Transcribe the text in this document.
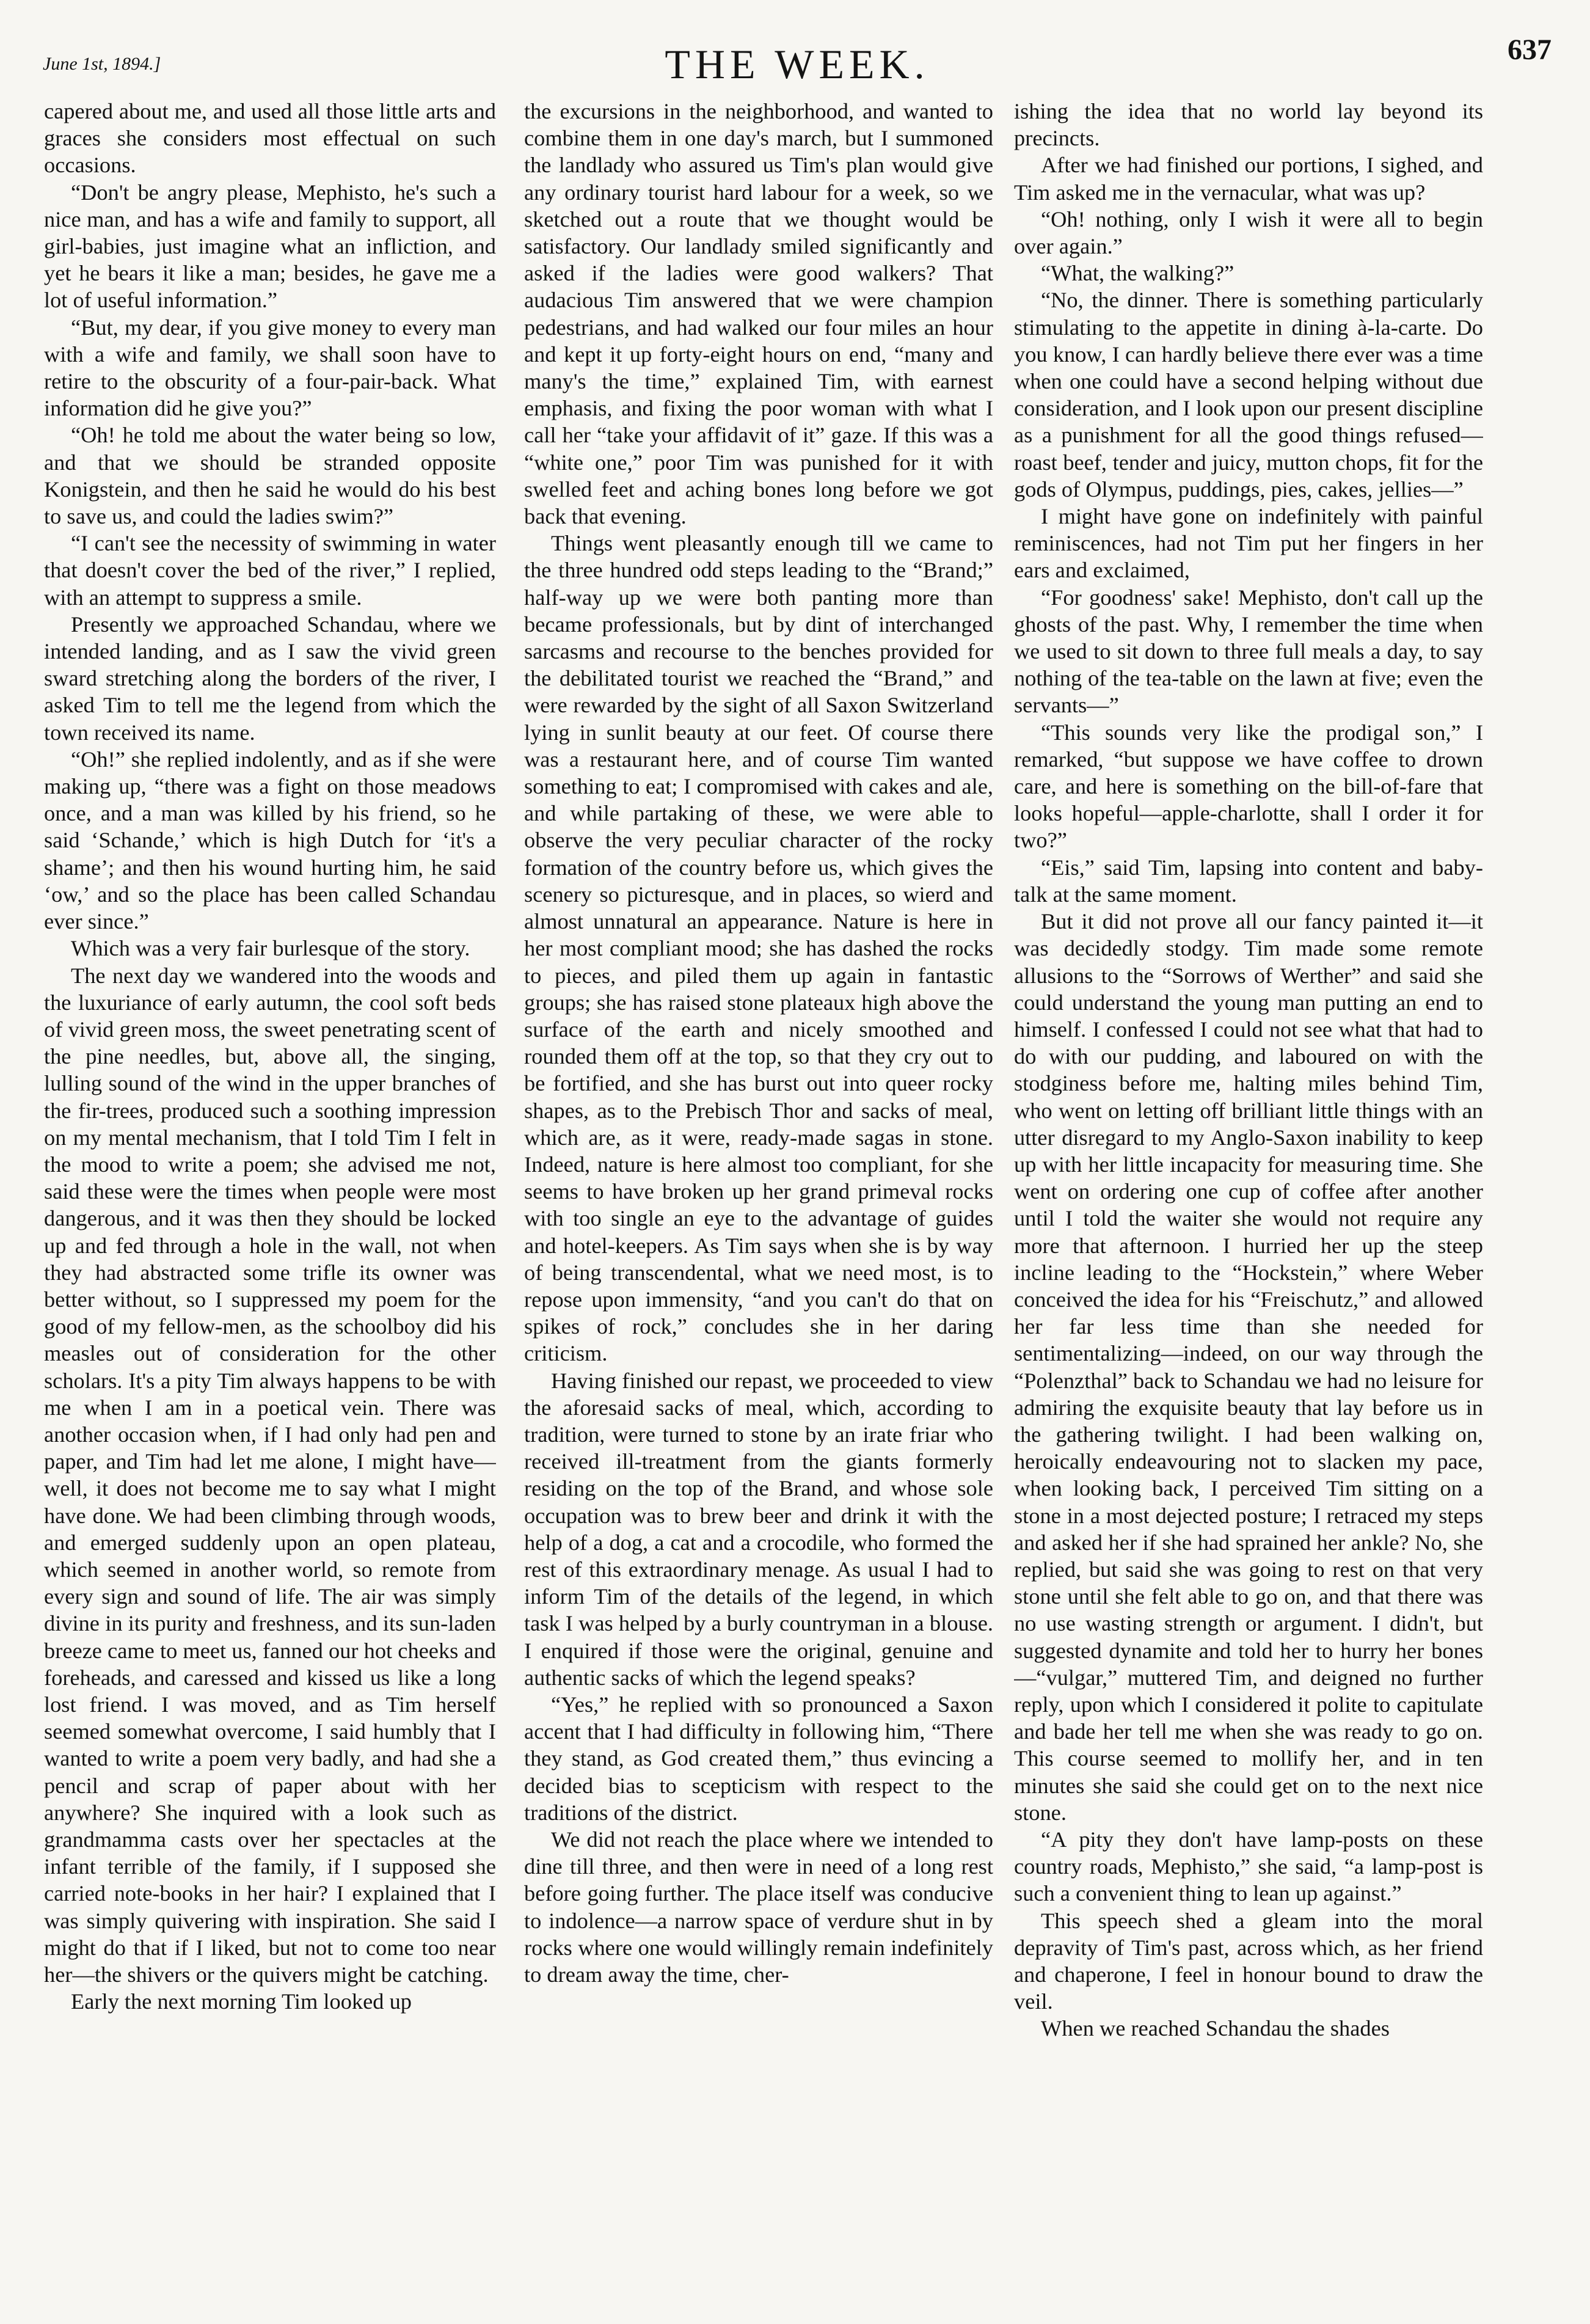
June 1st, 1894.]	THE WEEK.	637

capered about me, and used all those little arts and graces she considers most effectual on such occasions.

“Don't be angry please, Mephisto, he's such a nice man, and has a wife and family to support, all girl-babies, just imagine what an infliction, and yet he bears it like a man; besides, he gave me a lot of useful information.”

“But, my dear, if you give money to every man with a wife and family, we shall soon have to retire to the obscurity of a four-pair-back. What information did he give you?”

“Oh! he told me about the water being so low, and that we should be stranded opposite Konigstein, and then he said he would do his best to save us, and could the ladies swim?”

“I can't see the necessity of swimming in water that doesn't cover the bed of the river,” I replied, with an attempt to suppress a smile.

Presently we approached Schandau, where we intended landing, and as I saw the vivid green sward stretching along the borders of the river, I asked Tim to tell me the legend from which the town received its name.

“Oh!” she replied indolently, and as if she were making up, “there was a fight on those meadows once, and a man was killed by his friend, so he said ‘Schande,’ which is high Dutch for ‘it's a shame’; and then his wound hurting him, he said ‘ow,’ and so the place has been called Schandau ever since.”

Which was a very fair burlesque of the story.

The next day we wandered into the woods and the luxuriance of early autumn, the cool soft beds of vivid green moss, the sweet penetrating scent of the pine needles, but, above all, the singing, lulling sound of the wind in the upper branches of the fir-trees, produced such a soothing impression on my mental mechanism, that I told Tim I felt in the mood to write a poem; she advised me not, said these were the times when people were most dangerous, and it was then they should be locked up and fed through a hole in the wall, not when they had abstracted some trifle its owner was better without, so I suppressed my poem for the good of my fellow-men, as the schoolboy did his measles out of consideration for the other scholars. It's a pity Tim always happens to be with me when I am in a poetical vein. There was another occasion when, if I had only had pen and paper, and Tim had let me alone, I might have—well, it does not become me to say what I might have done. We had been climbing through woods, and emerged suddenly upon an open plateau, which seemed in another world, so remote from every sign and sound of life. The air was simply divine in its purity and freshness, and its sun-laden breeze came to meet us, fanned our hot cheeks and foreheads, and caressed and kissed us like a long lost friend. I was moved, and as Tim herself seemed somewhat overcome, I said humbly that I wanted to write a poem very badly, and had she a pencil and scrap of paper about with her anywhere? She inquired with a look such as grandmamma casts over her spectacles at the infant terrible of the family, if I supposed she carried note-books in her hair? I explained that I was simply quivering with inspiration. She said I might do that if I liked, but not to come too near her—the shivers or the quivers might be catching.

Early the next morning Tim looked up

the excursions in the neighborhood, and wanted to combine them in one day's march, but I summoned the landlady who assured us Tim's plan would give any ordinary tourist hard labour for a week, so we sketched out a route that we thought would be satisfactory. Our landlady smiled significantly and asked if the ladies were good walkers? That audacious Tim answered that we were champion pedestrians, and had walked our four miles an hour and kept it up forty-eight hours on end, “many and many's the time,” explained Tim, with earnest emphasis, and fixing the poor woman with what I call her “take your affidavit of it” gaze. If this was a “white one,” poor Tim was punished for it with swelled feet and aching bones long before we got back that evening.

Things went pleasantly enough till we came to the three hundred odd steps leading to the “Brand;” half-way up we were both panting more than became professionals, but by dint of interchanged sarcasms and recourse to the benches provided for the debilitated tourist we reached the “Brand,” and were rewarded by the sight of all Saxon Switzerland lying in sunlit beauty at our feet. Of course there was a restaurant here, and of course Tim wanted something to eat; I compromised with cakes and ale, and while partaking of these, we were able to observe the very peculiar character of the rocky formation of the country before us, which gives the scenery so picturesque, and in places, so wierd and almost unnatural an appearance. Nature is here in her most compliant mood; she has dashed the rocks to pieces, and piled them up again in fantastic groups; she has raised stone plateaux high above the surface of the earth and nicely smoothed and rounded them off at the top, so that they cry out to be fortified, and she has burst out into queer rocky shapes, as to the Prebisch Thor and sacks of meal, which are, as it were, ready-made sagas in stone. Indeed, nature is here almost too compliant, for she seems to have broken up her grand primeval rocks with too single an eye to the advantage of guides and hotel-keepers. As Tim says when she is by way of being transcendental, what we need most, is to repose upon immensity, “and you can't do that on spikes of rock,” concludes she in her daring criticism.

Having finished our repast, we proceeded to view the aforesaid sacks of meal, which, according to tradition, were turned to stone by an irate friar who received ill-treatment from the giants formerly residing on the top of the Brand, and whose sole occupation was to brew beer and drink it with the help of a dog, a cat and a crocodile, who formed the rest of this extraordinary menage. As usual I had to inform Tim of the details of the legend, in which task I was helped by a burly countryman in a blouse. I enquired if those were the original, genuine and authentic sacks of which the legend speaks?

“Yes,” he replied with so pronounced a Saxon accent that I had difficulty in following him, “There they stand, as God created them,” thus evincing a decided bias to scepticism with respect to the traditions of the district.

We did not reach the place where we intended to dine till three, and then were in need of a long rest before going further. The place itself was conducive to indolence—a narrow space of verdure shut in by rocks where one would willingly remain indefinitely to dream away the time, cher-

ishing the idea that no world lay beyond its precincts.

After we had finished our portions, I sighed, and Tim asked me in the vernacular, what was up?

“Oh! nothing, only I wish it were all to begin over again.”

“What, the walking?”

“No, the dinner. There is something particularly stimulating to the appetite in dining à-la-carte. Do you know, I can hardly believe there ever was a time when one could have a second helping without due consideration, and I look upon our present discipline as a punishment for all the good things refused—roast beef, tender and juicy, mutton chops, fit for the gods of Olympus, puddings, pies, cakes, jellies—”

I might have gone on indefinitely with painful reminiscences, had not Tim put her fingers in her ears and exclaimed,

“For goodness' sake! Mephisto, don't call up the ghosts of the past. Why, I remember the time when we used to sit down to three full meals a day, to say nothing of the tea-table on the lawn at five; even the servants—”

“This sounds very like the prodigal son,” I remarked, “but suppose we have coffee to drown care, and here is something on the bill-of-fare that looks hopeful—apple-charlotte, shall I order it for two?”

“Eis,” said Tim, lapsing into content and baby-talk at the same moment.

But it did not prove all our fancy painted it—it was decidedly stodgy. Tim made some remote allusions to the “Sorrows of Werther” and said she could understand the young man putting an end to himself. I confessed I could not see what that had to do with our pudding, and laboured on with the stodginess before me, halting miles behind Tim, who went on letting off brilliant little things with an utter disregard to my Anglo-Saxon inability to keep up with her little incapacity for measuring time. She went on ordering one cup of coffee after another until I told the waiter she would not require any more that afternoon. I hurried her up the steep incline leading to the “Hockstein,” where Weber conceived the idea for his “Freischutz,” and allowed her far less time than she needed for sentimentalizing—indeed, on our way through the “Polenzthal” back to Schandau we had no leisure for admiring the exquisite beauty that lay before us in the gathering twilight. I had been walking on, heroically endeavouring not to slacken my pace, when looking back, I perceived Tim sitting on a stone in a most dejected posture; I retraced my steps and asked her if she had sprained her ankle? No, she replied, but said she was going to rest on that very stone until she felt able to go on, and that there was no use wasting strength or argument. I didn't, but suggested dynamite and told her to hurry her bones—“vulgar,” muttered Tim, and deigned no further reply, upon which I considered it polite to capitulate and bade her tell me when she was ready to go on. This course seemed to mollify her, and in ten minutes she said she could get on to the next nice stone.

“A pity they don't have lamp-posts on these country roads, Mephisto,” she said, “a lamp-post is such a convenient thing to lean up against.”

This speech shed a gleam into the moral depravity of Tim's past, across which, as her friend and chaperone, I feel in honour bound to draw the veil.

When we reached Schandau the shades
